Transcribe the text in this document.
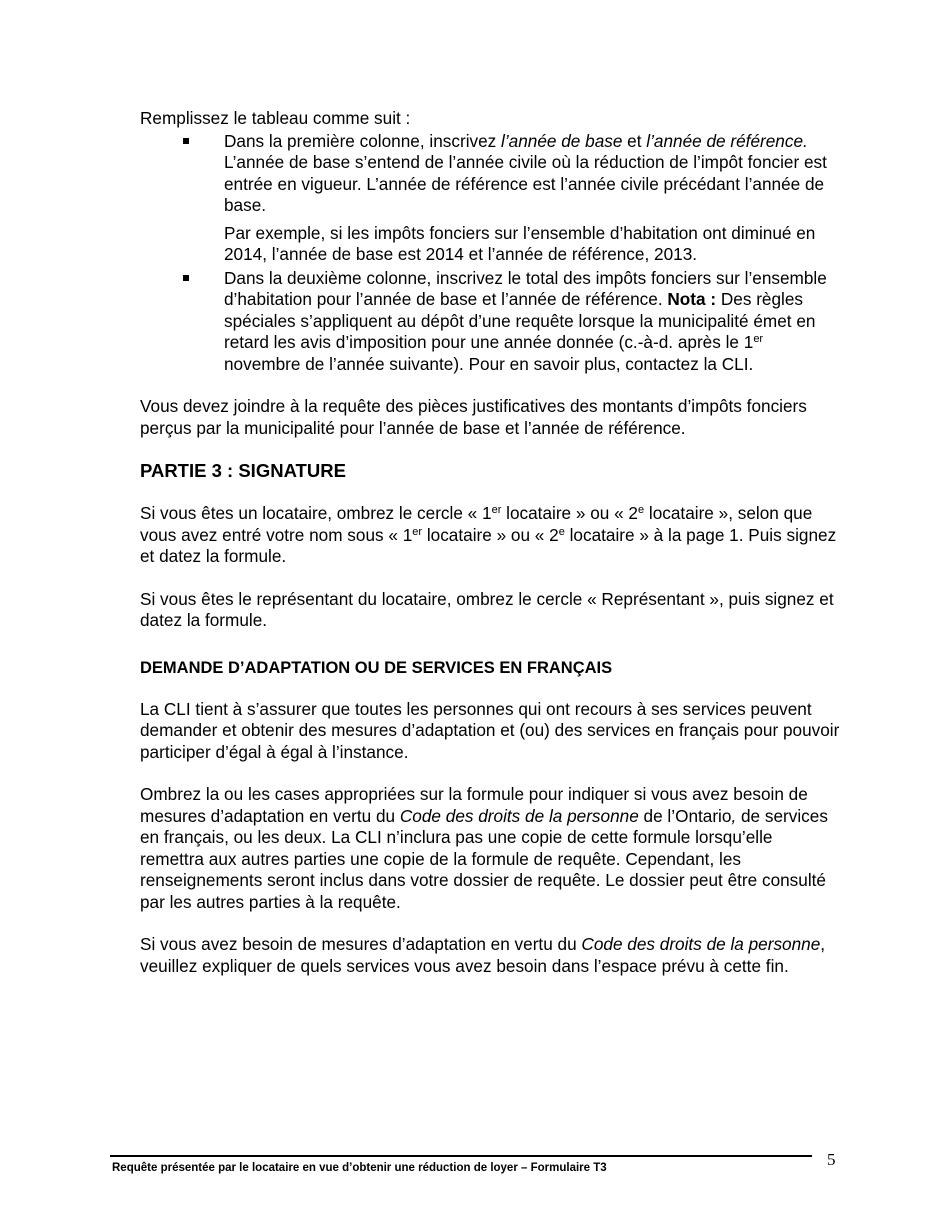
Remplissez le tableau comme suit :

Dans la première colonne, inscrivez l’année de base et l’année de référence. L’année de base s’entend de l’année civile où la réduction de l’impôt foncier est entrée en vigueur. L’année de référence est l’année civile précédant l’année de base.

Par exemple, si les impôts fonciers sur l’ensemble d’habitation ont diminué en 2014, l’année de base est 2014 et l’année de référence, 2013.

Dans la deuxième colonne, inscrivez le total des impôts fonciers sur l’ensemble d’habitation pour l’année de base et l’année de référence. Nota : Des règles spéciales s’appliquent au dépôt d’une requête lorsque la municipalité émet en retard les avis d’imposition pour une année donnée (c.-à-d. après le 1er novembre de l’année suivante). Pour en savoir plus, contactez la CLI.

Vous devez joindre à la requête des pièces justificatives des montants d’impôts fonciers perçus par la municipalité pour l’année de base et l’année de référence.

PARTIE 3 : SIGNATURE

Si vous êtes un locataire, ombrez le cercle « 1er locataire » ou « 2e locataire », selon que vous avez entré votre nom sous « 1er locataire » ou « 2e locataire » à la page 1. Puis signez et datez la formule.

Si vous êtes le représentant du locataire, ombrez le cercle « Représentant », puis signez et datez la formule.

DEMANDE D’ADAPTATION OU DE SERVICES EN FRANÇAIS

La CLI tient à s’assurer que toutes les personnes qui ont recours à ses services peuvent demander et obtenir des mesures d’adaptation et (ou) des services en français pour pouvoir participer d’égal à égal à l’instance.

Ombrez la ou les cases appropriées sur la formule pour indiquer si vous avez besoin de mesures d’adaptation en vertu du Code des droits de la personne de l’Ontario, de services en français, ou les deux. La CLI n’inclura pas une copie de cette formule lorsqu’elle remettra aux autres parties une copie de la formule de requête. Cependant, les renseignements seront inclus dans votre dossier de requête. Le dossier peut être consulté par les autres parties à la requête.

Si vous avez besoin de mesures d’adaptation en vertu du Code des droits de la personne, veuillez expliquer de quels services vous avez besoin dans l’espace prévu à cette fin.

Requête présentée par le locataire en vue d’obtenir une réduction de loyer – Formulaire T3	5
